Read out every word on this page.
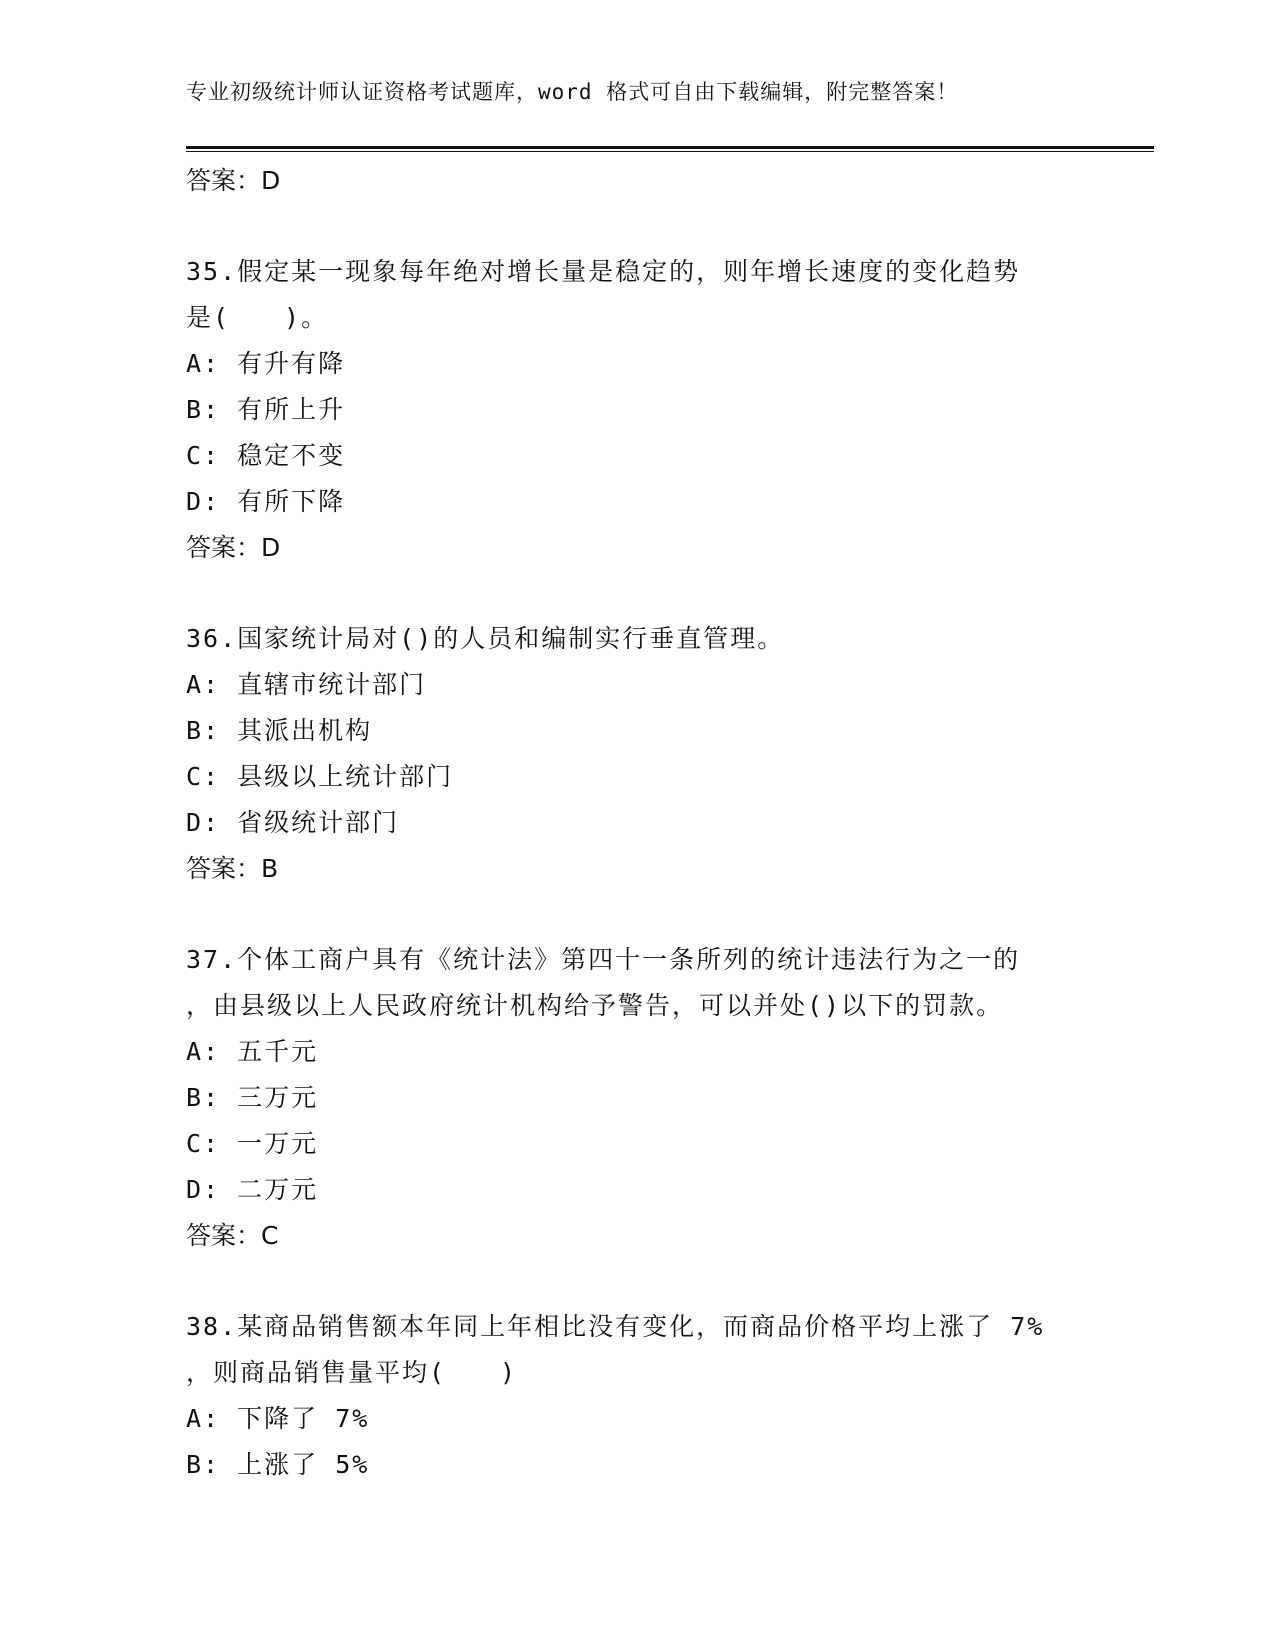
专业初级统计师认证资格考试题库，word 格式可自由下载编辑，附完整答案！
答案：D
35.假定某一现象每年绝对增长量是稳定的，则年增长速度的变化趋势
是(　　)。
A: 有升有降
B: 有所上升
C: 稳定不变
D: 有所下降
答案：D
36.国家统计局对()的人员和编制实行垂直管理。
A: 直辖市统计部门
B: 其派出机构
C: 县级以上统计部门
D: 省级统计部门
答案：B
37.个体工商户具有《统计法》第四十一条所列的统计违法行为之一的
，由县级以上人民政府统计机构给予警告，可以并处()以下的罚款。
A: 五千元
B: 三万元
C: 一万元
D: 二万元
答案：C
38.某商品销售额本年同上年相比没有变化，而商品价格平均上涨了 7%
，则商品销售量平均(　　)
A: 下降了 7%
B: 上涨了 5%
